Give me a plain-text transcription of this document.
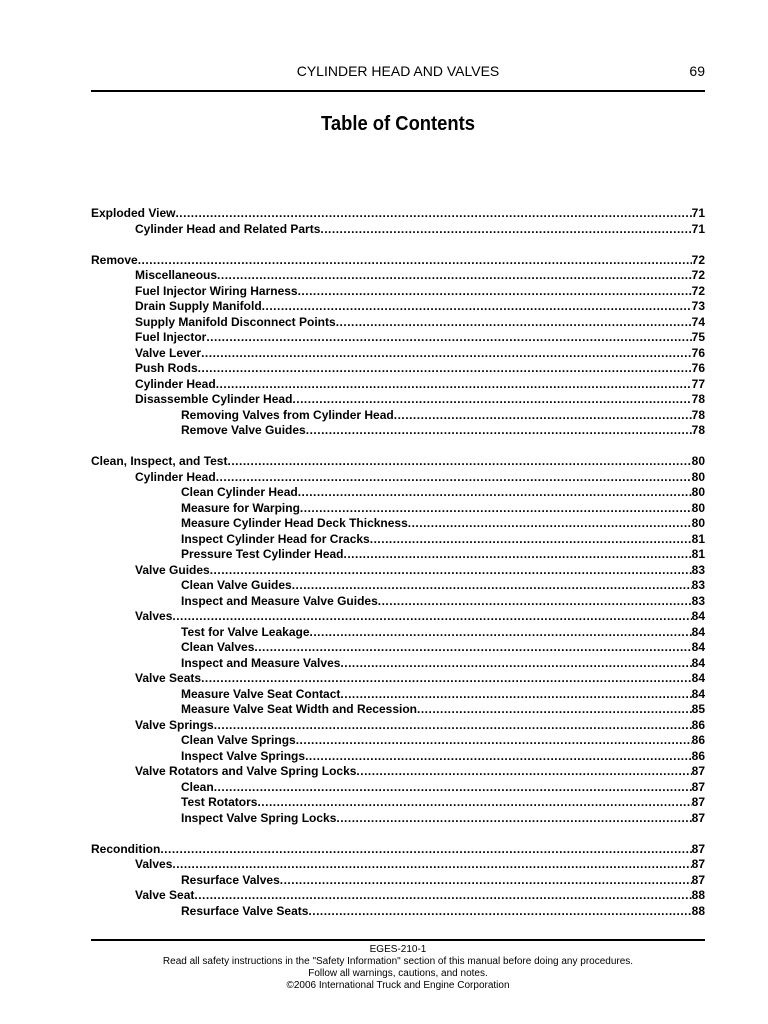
CYLINDER HEAD AND VALVES	69
Table of Contents
Exploded View .....	71
Cylinder Head and Related Parts .....	71
Remove .....	72
Miscellaneous .....	72
Fuel Injector Wiring Harness .....	72
Drain Supply Manifold .....	73
Supply Manifold Disconnect Points .....	74
Fuel Injector .....	75
Valve Lever .....	76
Push Rods .....	76
Cylinder Head .....	77
Disassemble Cylinder Head .....	78
Removing Valves from Cylinder Head .....	78
Remove Valve Guides .....	78
Clean, Inspect, and Test .....	80
Cylinder Head .....	80
Clean Cylinder Head .....	80
Measure for Warping .....	80
Measure Cylinder Head Deck Thickness .....	80
Inspect Cylinder Head for Cracks .....	81
Pressure Test Cylinder Head .....	81
Valve Guides .....	83
Clean Valve Guides .....	83
Inspect and Measure Valve Guides .....	83
Valves .....	84
Test for Valve Leakage .....	84
Clean Valves .....	84
Inspect and Measure Valves .....	84
Valve Seats .....	84
Measure Valve Seat Contact .....	84
Measure Valve Seat Width and Recession .....	85
Valve Springs .....	86
Clean Valve Springs .....	86
Inspect Valve Springs .....	86
Valve Rotators and Valve Spring Locks .....	87
Clean .....	87
Test Rotators .....	87
Inspect Valve Spring Locks .....	87
Recondition .....	87
Valves .....	87
Resurface Valves .....	87
Valve Seat .....	88
Resurface Valve Seats .....	88
EGES-210-1
Read all safety instructions in the "Safety Information" section of this manual before doing any procedures.
Follow all warnings, cautions, and notes.
©2006 International Truck and Engine Corporation
